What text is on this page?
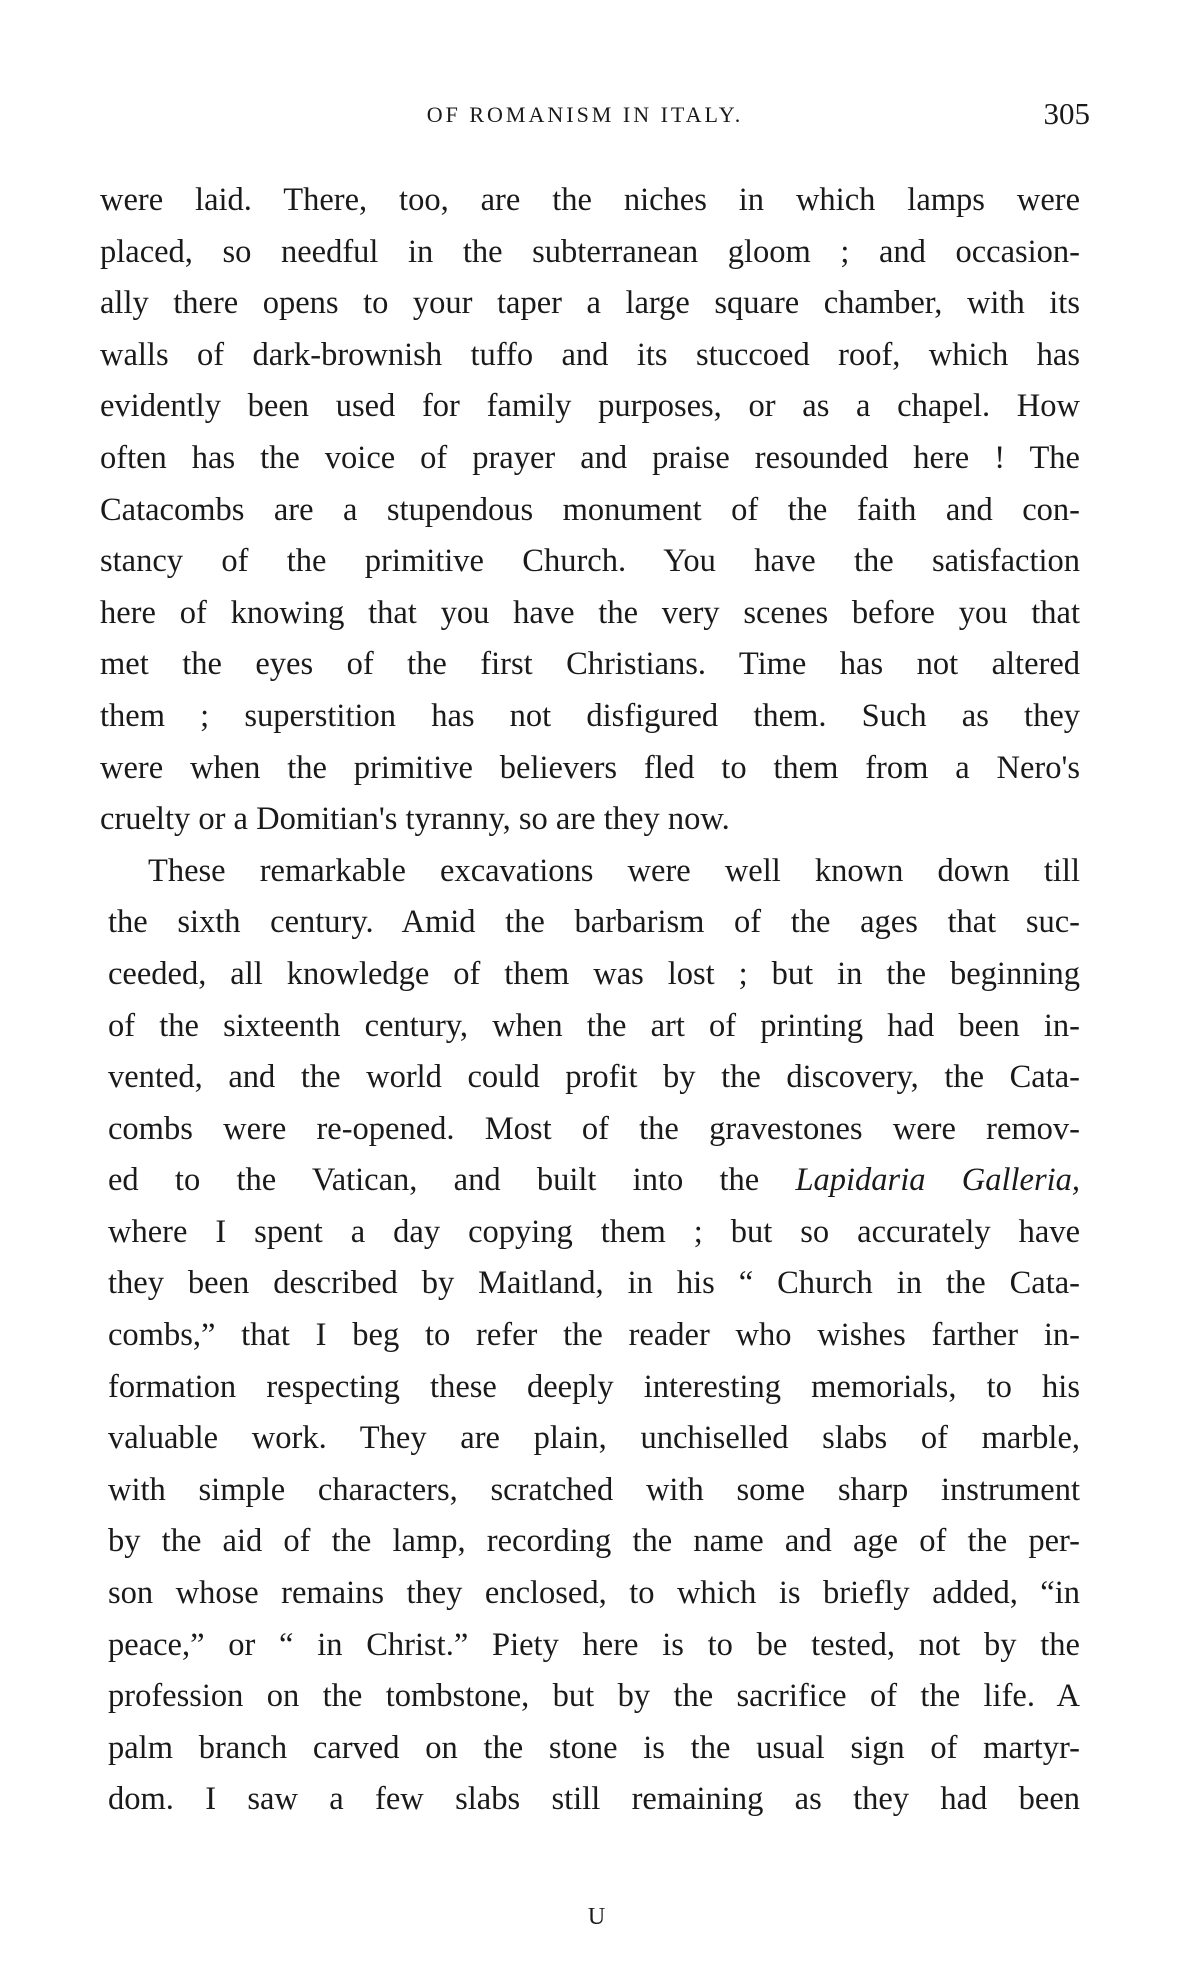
OF ROMANISM IN ITALY.	305
were laid. There, too, are the niches in which lamps were
placed, so needful in the subterranean gloom ; and occasion-
ally there opens to your taper a large square chamber, with its
walls of dark-brownish tuffo and its stuccoed roof, which has
evidently been used for family purposes, or as a chapel. How
often has the voice of prayer and praise resounded here ! The
Catacombs are a stupendous monument of the faith and con-
stancy of the primitive Church. You have the satisfaction
here of knowing that you have the very scenes before you that
met the eyes of the first Christians. Time has not altered
them ; superstition has not disfigured them. Such as they
were when the primitive believers fled to them from a Nero's
cruelty or a Domitian's tyranny, so are they now.
These remarkable excavations were well known down till
the sixth century. Amid the barbarism of the ages that suc-
ceeded, all knowledge of them was lost ; but in the beginning
of the sixteenth century, when the art of printing had been in-
vented, and the world could profit by the discovery, the Cata-
combs were re-opened. Most of the gravestones were remov-
ed to the Vatican, and built into the Lapidaria Galleria,
where I spent a day copying them ; but so accurately have
they been described by Maitland, in his “ Church in the Cata-
combs,” that I beg to refer the reader who wishes farther in-
formation respecting these deeply interesting memorials, to his
valuable work. They are plain, unchiselled slabs of marble,
with simple characters, scratched with some sharp instrument
by the aid of the lamp, recording the name and age of the per-
son whose remains they enclosed, to which is briefly added, “in
peace,” or “ in Christ.” Piety here is to be tested, not by the
profession on the tombstone, but by the sacrifice of the life. A
palm branch carved on the stone is the usual sign of martyr-
dom. I saw a few slabs still remaining as they had been
U
